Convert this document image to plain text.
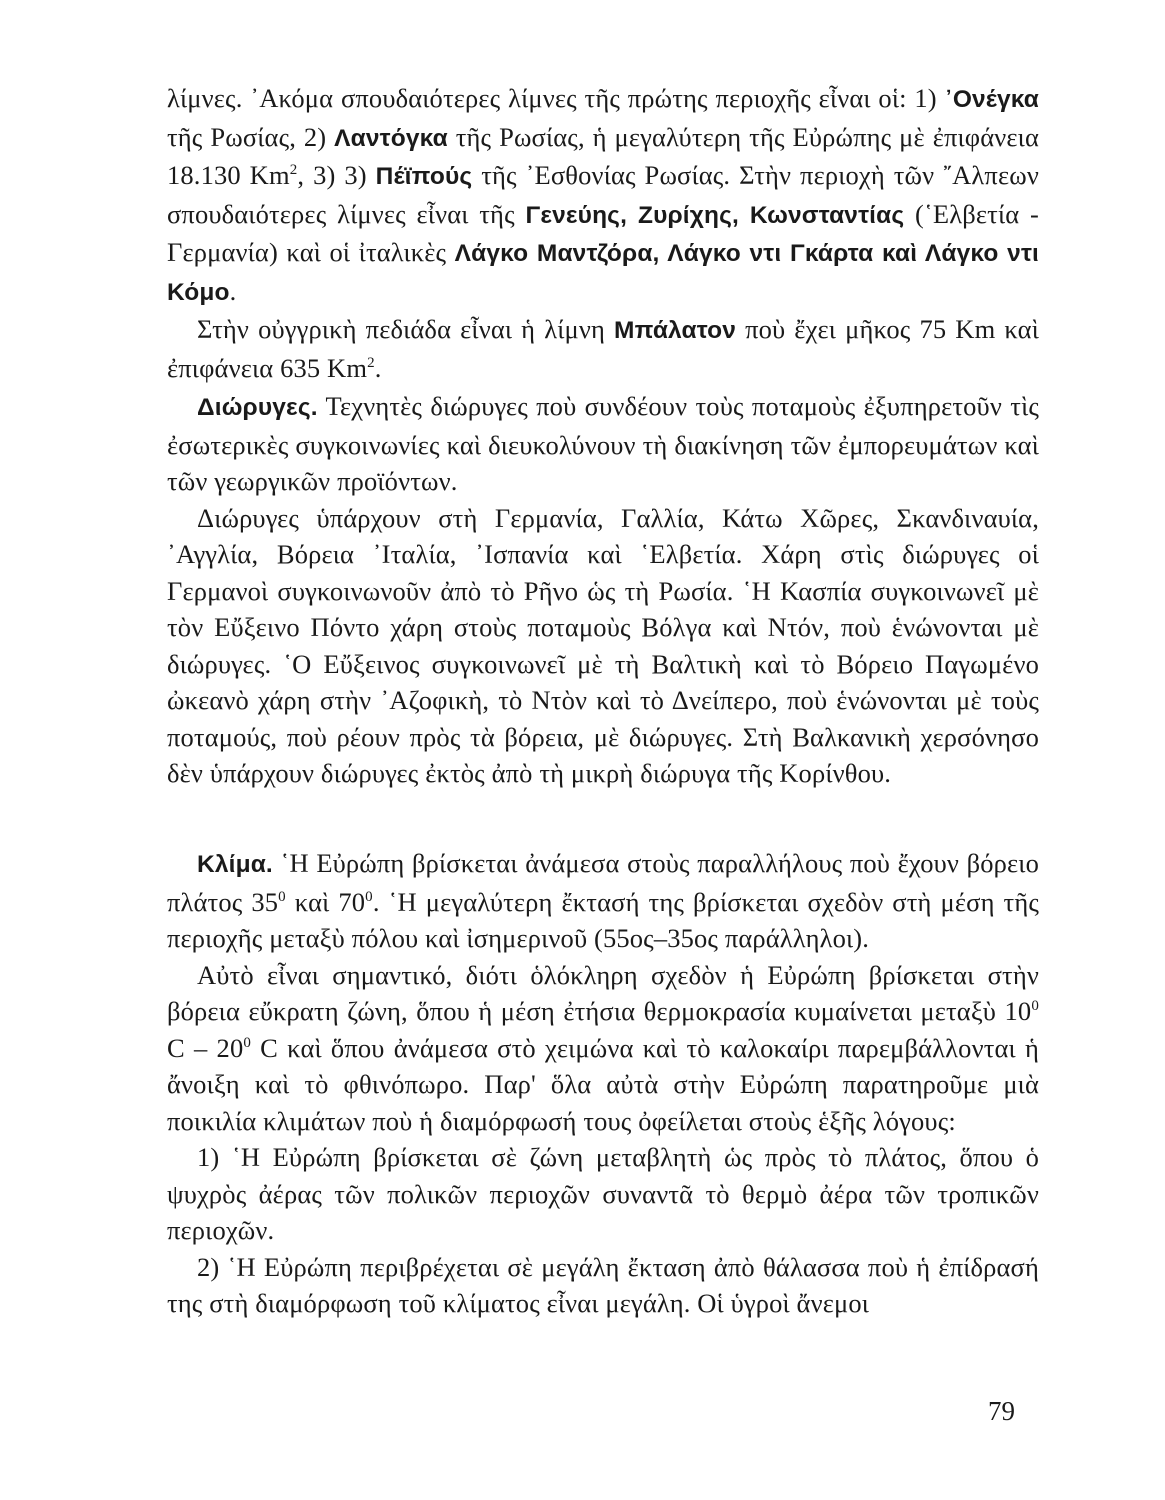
λίμνες. ᾿Ακόμα σπουδαιότερες λίμνες τῆς πρώτης περιοχῆς εἶναι οἱ: 1) ᾿Ονέγκα τῆς Ρωσίας, 2) Λαντόγκα τῆς Ρωσίας, ἡ μεγαλύτερη τῆς Εὐρώπης μὲ ἐπιφάνεια 18.130 Km$^2$, 3) 3) Πέϊπούς τῆς ᾿Εσθονίας Ρωσίας. Στὴν περιοχὴ τῶν ῎Αλπεων σπουδαιότερες λίμνες εἶναι τῆς Γενεύης, Ζυρίχης, Κωνσταντίας (῾Ελβετία - Γερμανία) καὶ οἱ ἰταλικὲς Λάγκο Μαντζόρα, Λάγκο ντι Γκάρτα καὶ Λάγκο ντι Κόμο.

Στὴν οὐγγρικὴ πεδιάδα εἶναι ἡ λίμνη Μπάλατον ποὺ ἔχει μῆκος 75 Km καὶ ἐπιφάνεια 635 Km$^2$.

Διώρυγες. Τεχνητὲς διώρυγες ποὺ συνδέουν τοὺς ποταμοὺς ἐξυπηρετοῦν τὶς ἐσωτερικὲς συγκοινωνίες καὶ διευκολύνουν τὴ διακίνηση τῶν ἐμπορευμάτων καὶ τῶν γεωργικῶν προϊόντων.

Διώρυγες ὑπάρχουν στὴ Γερμανία, Γαλλία, Κάτω Χῶρες, Σκανδιναυία, ᾿Αγγλία, Βόρεια ᾿Ιταλία, ᾿Ισπανία καὶ ῾Ελβετία. Χάρη στὶς διώρυγες οἱ Γερμανοὶ συγκοινωνοῦν ἀπὸ τὸ Ρῆνο ὡς τὴ Ρωσία. ῾Η Κασπία συγκοινωνεῖ μὲ τὸν Εὔξεινο Πόντο χάρη στοὺς ποταμοὺς Βόλγα καὶ Ντόν, ποὺ ἑνώνονται μὲ διώρυγες. ῾Ο Εὔξεινος συγκοινωνεῖ μὲ τὴ Βαλτικὴ καὶ τὸ Βόρειο Παγωμένο ὠκεανὸ χάρη στὴν ᾿Αζοφικὴ, τὸ Ντὸν καὶ τὸ Δνείπερο, ποὺ ἑνώνονται μὲ τοὺς ποταμούς, ποὺ ρέουν πρὸς τὰ βόρεια, μὲ διώρυγες. Στὴ Βαλκανικὴ χερσόνησο δὲν ὑπάρχουν διώρυγες ἐκτὸς ἀπὸ τὴ μικρὴ διώρυγα τῆς Κορίνθου.

Κλίμα. ῾Η Εὐρώπη βρίσκεται ἀνάμεσα στοὺς παραλλήλους ποὺ ἔχουν βόρειο πλάτος $35^0$ καὶ $70^0$. ῾Η μεγαλύτερη ἔκτασή της βρίσκεται σχεδὸν στὴ μέση τῆς περιοχῆς μεταξὺ πόλου καὶ ἰσημερινοῦ (55ος–35ος παράλληλοι).

Αὐτὸ εἶναι σημαντικό, διότι ὁλόκληρη σχεδὸν ἡ Εὐρώπη βρίσκεται στὴν βόρεια εὔκρατη ζώνη, ὅπου ἡ μέση ἐτήσια θερμοκρασία κυμαίνεται μεταξὺ $10^0$ C – $20^0$ C καὶ ὅπου ἀνάμεσα στὸ χειμώνα καὶ τὸ καλοκαίρι παρεμβάλλονται ἡ ἄνοιξη καὶ τὸ φθινόπωρο. Παρ' ὅλα αὐτὰ στὴν Εὐρώπη παρατηροῦμε μιὰ ποικιλία κλιμάτων ποὺ ἡ διαμόρφωσή τους ὀφείλεται στοὺς ἑξῆς λόγους:

1) ῾Η Εὐρώπη βρίσκεται σὲ ζώνη μεταβλητὴ ὡς πρὸς τὸ πλάτος, ὅπου ὁ ψυχρὸς ἀέρας τῶν πολικῶν περιοχῶν συναντᾶ τὸ θερμὸ ἀέρα τῶν τροπικῶν περιοχῶν.

2) ῾Η Εὐρώπη περιβρέχεται σὲ μεγάλη ἔκταση ἀπὸ θάλασσα ποὺ ἡ ἐπίδρασή της στὴ διαμόρφωση τοῦ κλίματος εἶναι μεγάλη. Οἱ ὑγροὶ ἄνεμοι

79
